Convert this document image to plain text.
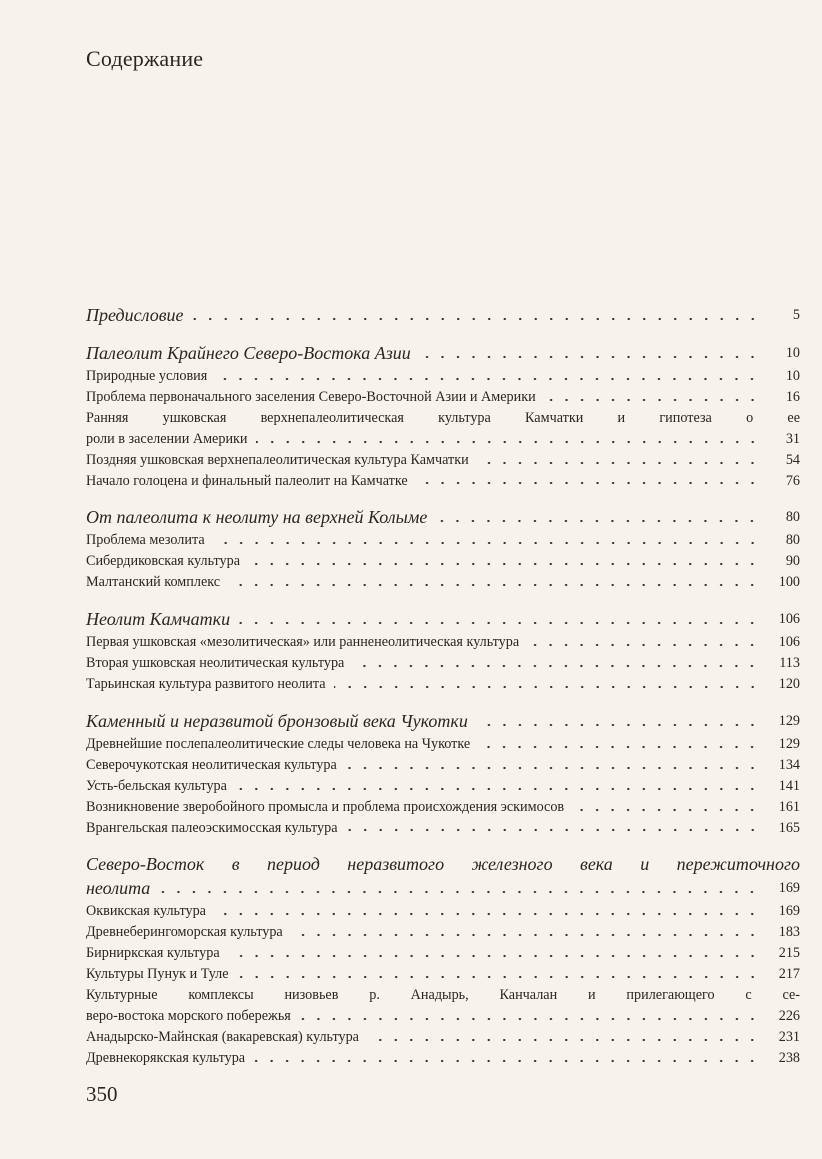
Содержание
Предисловие	5
Палеолит Крайнего Северо-Востока Азии	10
Природные условия	10
Проблема первоначального заселения Северо-Восточной Азии и Америки	16
Ранняя ушковская верхнепалеолитическая культура Камчатки и гипотеза о ее
роли в заселении Америки	31
Поздняя ушковская верхнепалеолитическая культура Камчатки	54
Начало голоцена и финальный палеолит на Камчатке	76
От палеолита к неолиту на верхней Колыме	80
Проблема мезолита	80
Сибердиковская культура	90
Малтанский комплекс	100
Неолит Камчатки	106
Первая ушковская «мезолитическая» или ранненеолитическая культура	106
Вторая ушковская неолитическая культура	113
Тарьинская культура развитого неолита	120
Каменный и неразвитой бронзовый века Чукотки	129
Древнейшие послепалеолитические следы человека на Чукотке	129
Северочукотская неолитическая культура	134
Усть-бельская культура	141
Возникновение зверобойного промысла и проблема происхождения эскимосов	161
Врангельская палеоэскимосская культура	165
Северо-Восток в период неразвитого железного века и пережиточного
неолита	169
Оквикская культура	169
Древнеберингоморская культура	183
Бирниркская культура	215
Культуры Пунук и Туле	217
Культурные комплексы низовьев р. Анадырь, Канчалан и прилегающего с се-
веро-востока морского побережья	226
Анадырско-Майнская (вакаревская) культура	231
Древнекорякская культура	238
350
